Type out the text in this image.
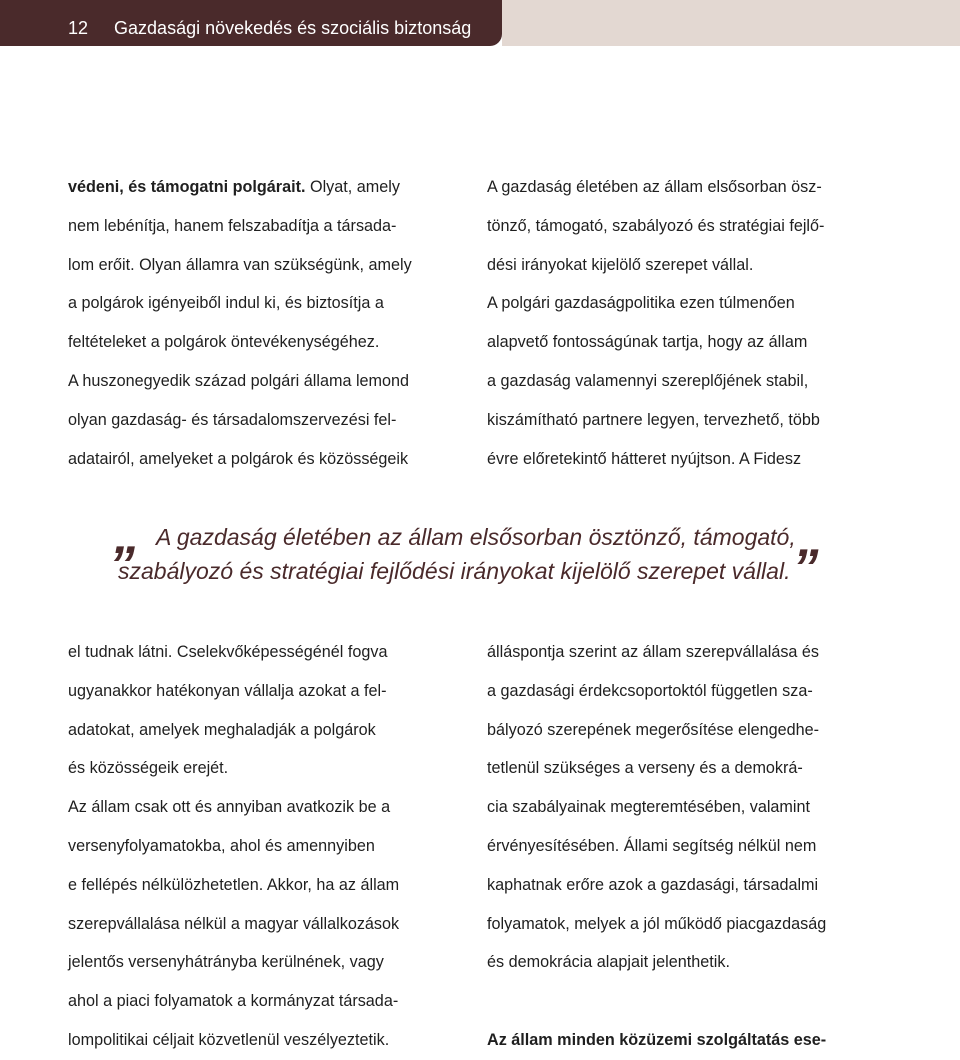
12 Gazdasági növekedés és szociális biztonság
védeni, és támogatni polgárait. Olyat, amely
nem lebénítja, hanem felszabadítja a társada-
lom erőit. Olyan államra van szükségünk, amely
a polgárok igényeiből indul ki, és biztosítja a
feltételeket a polgárok öntevékenységéhez.
A huszonegyedik század polgári állama lemond
olyan gazdaság- és társadalomszervezési fel-
adatairól, amelyeket a polgárok és közösségeik
A gazdaság életében az állam elsősorban ösz-
tönző, támogató, szabályozó és stratégiai fejlő-
dési irányokat kijelölő szerepet vállal.
A polgári gazdaságpolitika ezen túlmenően
alapvető fontosságúnak tartja, hogy az állam
a gazdaság valamennyi szereplőjének stabil,
kiszámítható partnere legyen, tervezhető, több
évre előretekintő hátteret nyújtson. A Fidesz
„ A gazdaság életében az állam elsősorban ösztönző, támogató,
szabályozó és stratégiai fejlődési irányokat kijelölő szerepet vállal.”
el tudnak látni. Cselekvőképességénél fogva
ugyanakkor hatékonyan vállalja azokat a fel-
adatokat, amelyek meghaladják a polgárok
és közösségeik erejét.
Az állam csak ott és annyiban avatkozik be a
versenyfolyamatokba, ahol és amennyiben
e fellépés nélkülözhetetlen. Akkor, ha az állam
szerepvállalása nélkül a magyar vállalkozások
jelentős versenyhátrányba kerülnének, vagy
ahol a piaci folyamatok a kormányzat társada-
lompolitikai céljait közvetlenül veszélyeztetik.
álláspontja szerint az állam szerepvállalása és
a gazdasági érdekcsoportoktól független sza-
bályozó szerepének megerősítése elengedhe-
tetlenül szükséges a verseny és a demokrá-
cia szabályainak megteremtésében, valamint
érvényesítésében. Állami segítség nélkül nem
kaphatnak erőre azok a gazdasági, társadalmi
folyamatok, melyek a jól működő piacgazdaság
és demokrácia alapjait jelenthetik.
Az állam minden közüzemi szolgáltatás ese-
